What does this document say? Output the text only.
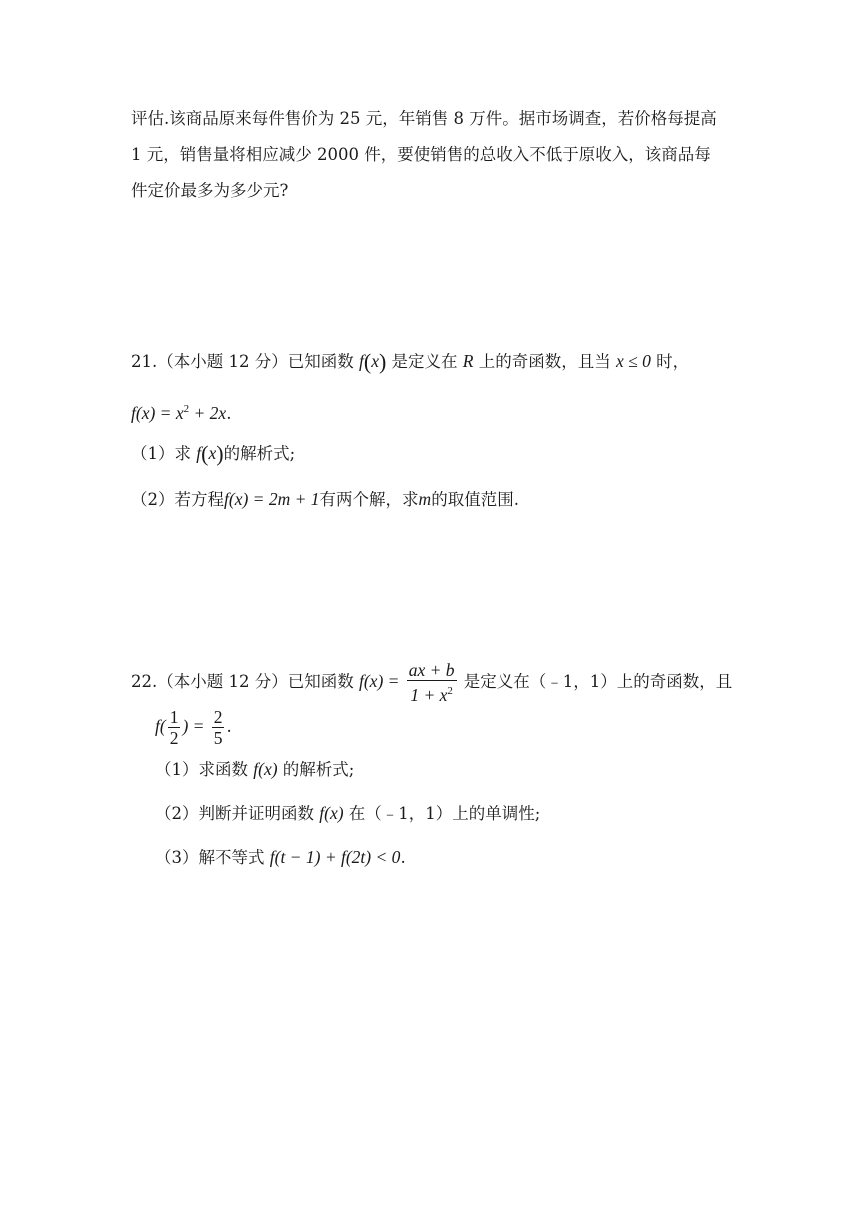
评估.该商品原来每件售价为 25 元，年销售 8 万件。据市场调查，若价格每提高
1 元，销售量将相应减少 2000 件，要使销售的总收入不低于原收入，该商品每
件定价最多为多少元?
21.（本小题 12 分）已知函数 f(x) 是定义在 R 上的奇函数，且当 x ≤ 0 时，
$f(x) = x^2 + 2x$.
（1）求 f(x)的解析式;
（2）若方程f(x) = 2m + 1有两个解，求m的取值范围.
22.（本小题 12 分）已知函数 $f(x) = \frac{ax + b}{1 + x^2}$ 是定义在（﹣1，1）上的奇函数，且
$f( \frac{1}{2}$ ) = $\frac{2}{5}$ .
（1）求函数 f(x) 的解析式;
（2）判断并证明函数 f(x) 在（﹣1，1）上的单调性;
（3）解不等式 f(t − 1) + f(2t) < 0.
